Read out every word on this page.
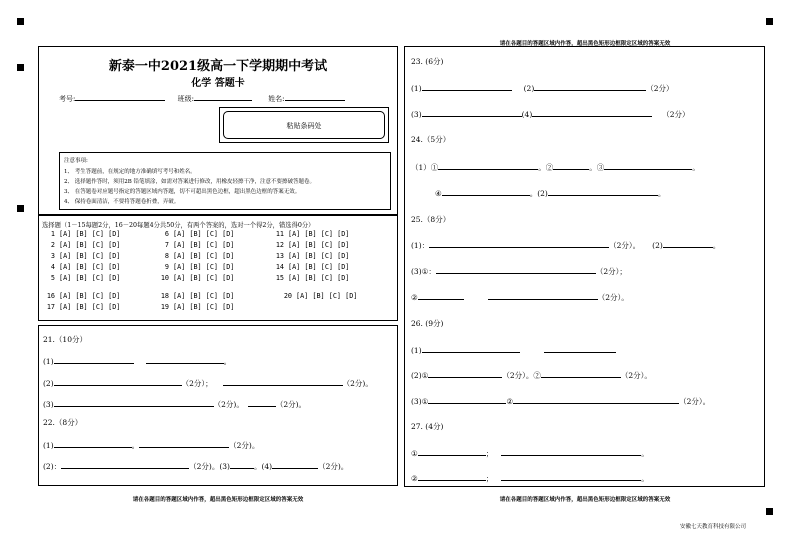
新泰一中2021级高一下学期期中考试
化学 答题卡
考号:	班级:	姓名:
粘贴条码处
注意事项:
1、 考生答题前，在规定的地方准确填写考号和姓名。
2、 选择题作答时，须用2B 铅笔填涂，如需对答案进行修改，用橡皮轻擦干净，注意不要擦破答题卷。
3、 在答题卷对应题号指定的答题区域内答题，切不可超出黑色边框，超出黑色边框的答案无效。
4、 保持卷面清洁，不要将答题卷折叠，弄破。
选择题（1－15每题2分，16－20每题4分共50分，有两个答案的，选对一个得2分，错选得0分）
1 [A] [B] [C] [D]
2 [A] [B] [C] [D]
3 [A] [B] [C] [D]
4 [A] [B] [C] [D]
5 [A] [B] [C] [D]
6 [A] [B] [C] [D]
7 [A] [B] [C] [D]
8 [A] [B] [C] [D]
9 [A] [B] [C] [D]
10 [A] [B] [C] [D]
11 [A] [B] [C] [D]
12 [A] [B] [C] [D]
13 [A] [B] [C] [D]
14 [A] [B] [C] [D]
15 [A] [B] [C] [D]
16 [A] [B] [C] [D]
17 [A] [B] [C] [D]
18 [A] [B] [C] [D]
19 [A] [B] [C] [D]
20 [A] [B] [C] [D]
21.（10分）
(1)	。
(2)	（2分）；	（2分)。
(3)	（2分)。	（2分)。
22.（8分）
(1)	。	（2分)。
(2)：	（2分)。(3)	。(4)	（2分)。
请在各题目的答题区域内作答，超出黑色矩形边框限定区域的答案无效
23. (6分)
(1)	(2)	（2分）
(3)	(4)	（2分）
24.（5分）
（1）①	。②	。③	。
④	。(2)	。
25.（8分）
(1)：	（2分）。 (2)	。
(3)①：	（2分）；
②	（2分）。
26. (9分)
(1)
(2)①	（2分）。②	（2分）。
(3)①	②	（2分）。
27. (4分)
①	；	。
②	；	。
请在各题目的答题区域内作答，超出黑色矩形边框限定区域的答案无效	请在各题目的答题区域内作答，超出黑色矩形边框限定区域的答案无效
安徽七天教育科技有限公司
